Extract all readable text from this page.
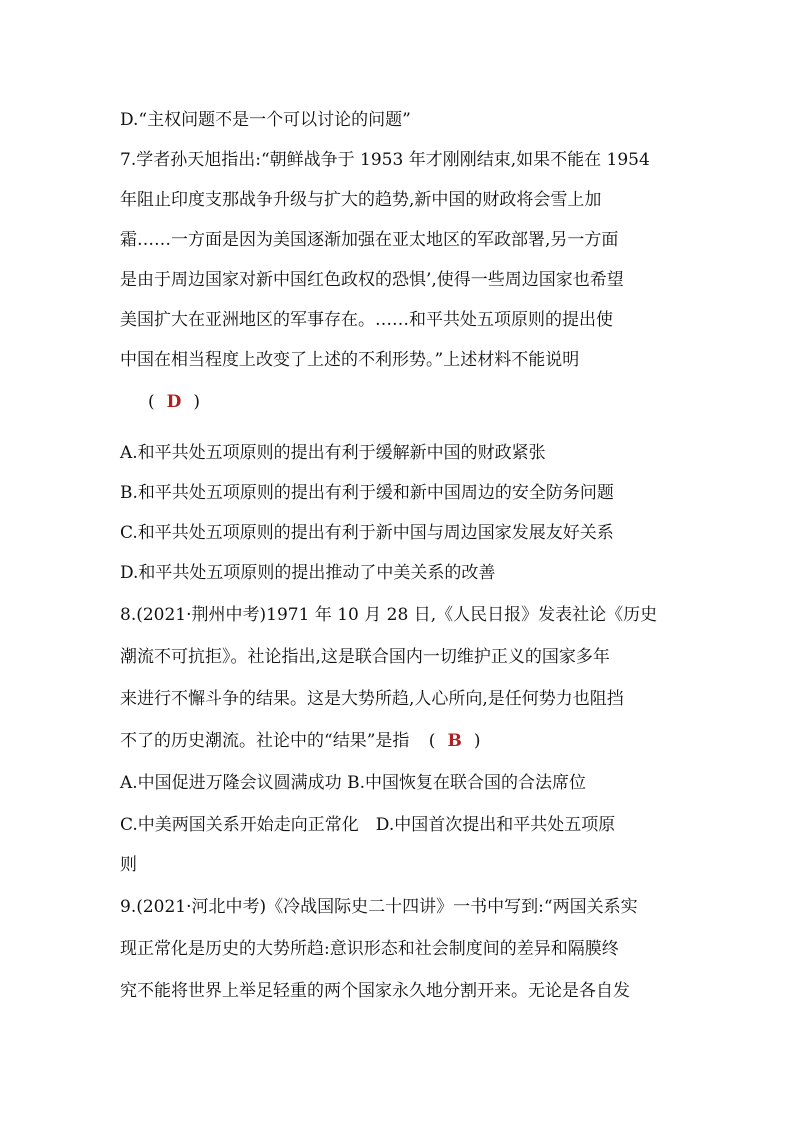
D.“主权问题不是一个可以讨论的问题”
7.学者孙天旭指出:“朝鲜战争于 1953 年才刚刚结束,如果不能在 1954
年阻止印度支那战争升级与扩大的趋势,新中国的财政将会雪上加
霜……一方面是因为美国逐渐加强在亚太地区的军政部署,另一方面
是由于周边国家对新中国红色政权的恐惧’,使得一些周边国家也希望
美国扩大在亚洲地区的军事存在。……和平共处五项原则的提出使
中国在相当程度上改变了上述的不利形势。”上述材料不能说明
( D )
A.和平共处五项原则的提出有利于缓解新中国的财政紧张
B.和平共处五项原则的提出有利于缓和新中国周边的安全防务问题
C.和平共处五项原则的提出有利于新中国与周边国家发展友好关系
D.和平共处五项原则的提出推动了中美关系的改善
8.(2021·荆州中考)1971 年 10 月 28 日,《人民日报》发表社论《历史
潮流不可抗拒》。社论指出,这是联合国内一切维护正义的国家多年
来进行不懈斗争的结果。这是大势所趋,人心所向,是任何势力也阻挡
不了的历史潮流。社论中的“结果”是指 ( B )
A.中国促进万隆会议圆满成功 B.中国恢复在联合国的合法席位
C.中美两国关系开始走向正常化　D.中国首次提出和平共处五项原
则
9.(2021·河北中考)《冷战国际史二十四讲》一书中写到:“两国关系实
现正常化是历史的大势所趋:意识形态和社会制度间的差异和隔膜终
究不能将世界上举足轻重的两个国家永久地分割开来。无论是各自发
